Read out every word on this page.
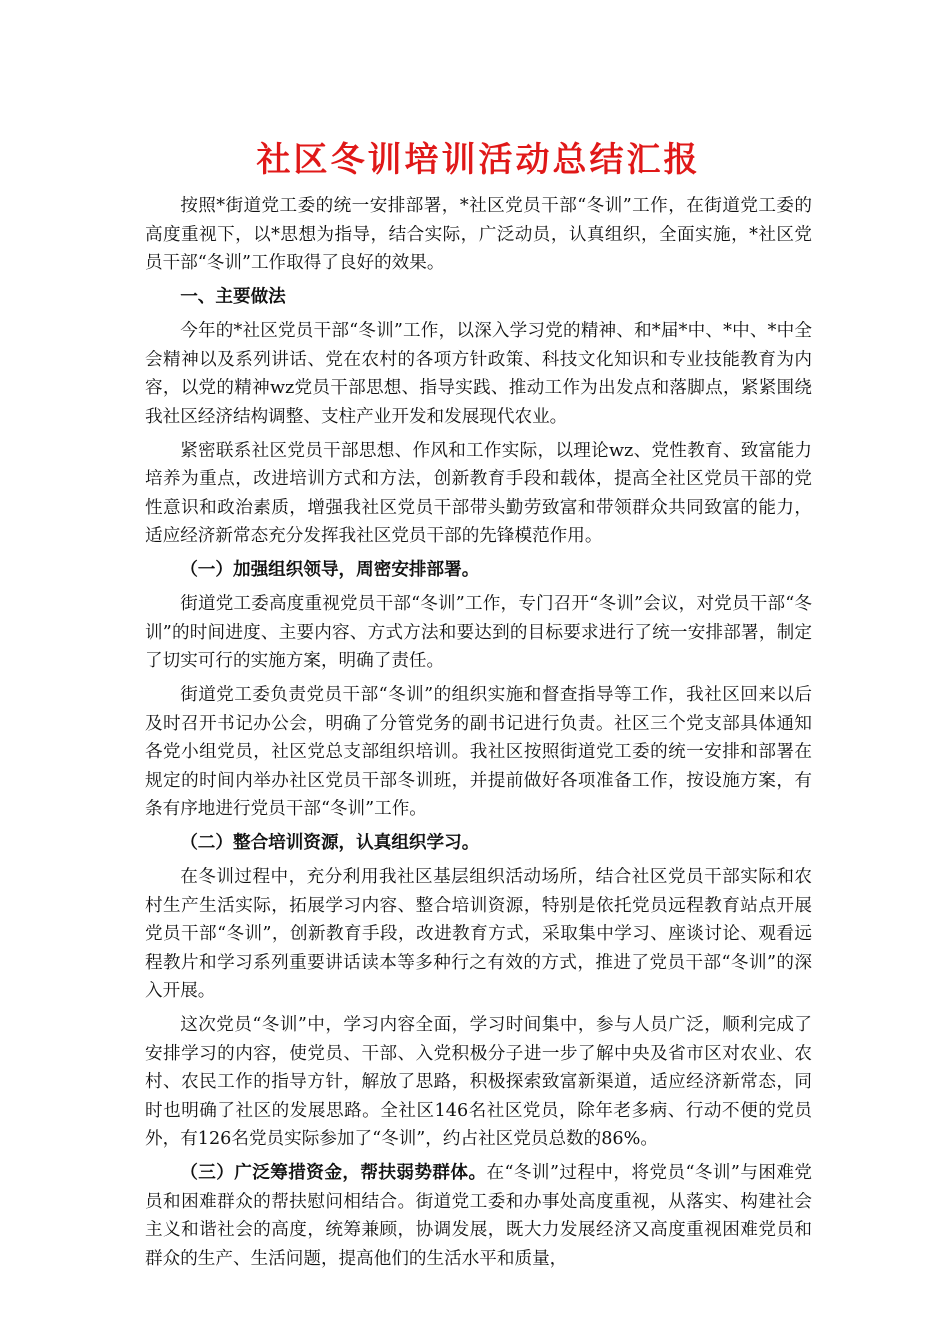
社区冬训培训活动总结汇报

按照*街道党工委的统一安排部署，*社区党员干部“冬训”工作，在街道党工委的高度重视下，以*思想为指导，结合实际，广泛动员，认真组织，全面实施，*社区党员干部“冬训”工作取得了良好的效果。

一、主要做法

今年的*社区党员干部“冬训”工作，以深入学习党的精神、和*届*中、*中、*中全会精神以及系列讲话、党在农村的各项方针政策、科技文化知识和专业技能教育为内容，以党的精神wz党员干部思想、指导实践、推动工作为出发点和落脚点，紧紧围绕我社区经济结构调整、支柱产业开发和发展现代农业。

紧密联系社区党员干部思想、作风和工作实际，以理论wz、党性教育、致富能力培养为重点，改进培训方式和方法，创新教育手段和载体，提高全社区党员干部的党性意识和政治素质，增强我社区党员干部带头勤劳致富和带领群众共同致富的能力，适应经济新常态充分发挥我社区党员干部的先锋模范作用。

（一）加强组织领导，周密安排部署。

街道党工委高度重视党员干部“冬训”工作，专门召开“冬训”会议，对党员干部“冬训”的时间进度、主要内容、方式方法和要达到的目标要求进行了统一安排部署，制定了切实可行的实施方案，明确了责任。

街道党工委负责党员干部“冬训”的组织实施和督查指导等工作，我社区回来以后及时召开书记办公会，明确了分管党务的副书记进行负责。社区三个党支部具体通知各党小组党员，社区党总支部组织培训。我社区按照街道党工委的统一安排和部署在规定的时间内举办社区党员干部冬训班，并提前做好各项准备工作，按设施方案，有条有序地进行党员干部“冬训”工作。

（二）整合培训资源，认真组织学习。

在冬训过程中，充分利用我社区基层组织活动场所，结合社区党员干部实际和农村生产生活实际，拓展学习内容、整合培训资源，特别是依托党员远程教育站点开展党员干部“冬训”，创新教育手段，改进教育方式，采取集中学习、座谈讨论、观看远程教片和学习系列重要讲话读本等多种行之有效的方式，推进了党员干部“冬训”的深入开展。

这次党员“冬训”中，学习内容全面，学习时间集中，参与人员广泛，顺利完成了安排学习的内容，使党员、干部、入党积极分子进一步了解中央及省市区对农业、农村、农民工作的指导方针，解放了思路，积极探索致富新渠道，适应经济新常态，同时也明确了社区的发展思路。全社区146名社区党员，除年老多病、行动不便的党员外，有126名党员实际参加了“冬训”，约占社区党员总数的86%。

（三）广泛筹措资金，帮扶弱势群体。在“冬训”过程中，将党员“冬训”与困难党员和困难群众的帮扶慰问相结合。街道党工委和办事处高度重视，从落实、构建社会主义和谐社会的高度，统筹兼顾，协调发展，既大力发展经济又高度重视困难党员和群众的生产、生活问题，提高他们的生活水平和质量，
